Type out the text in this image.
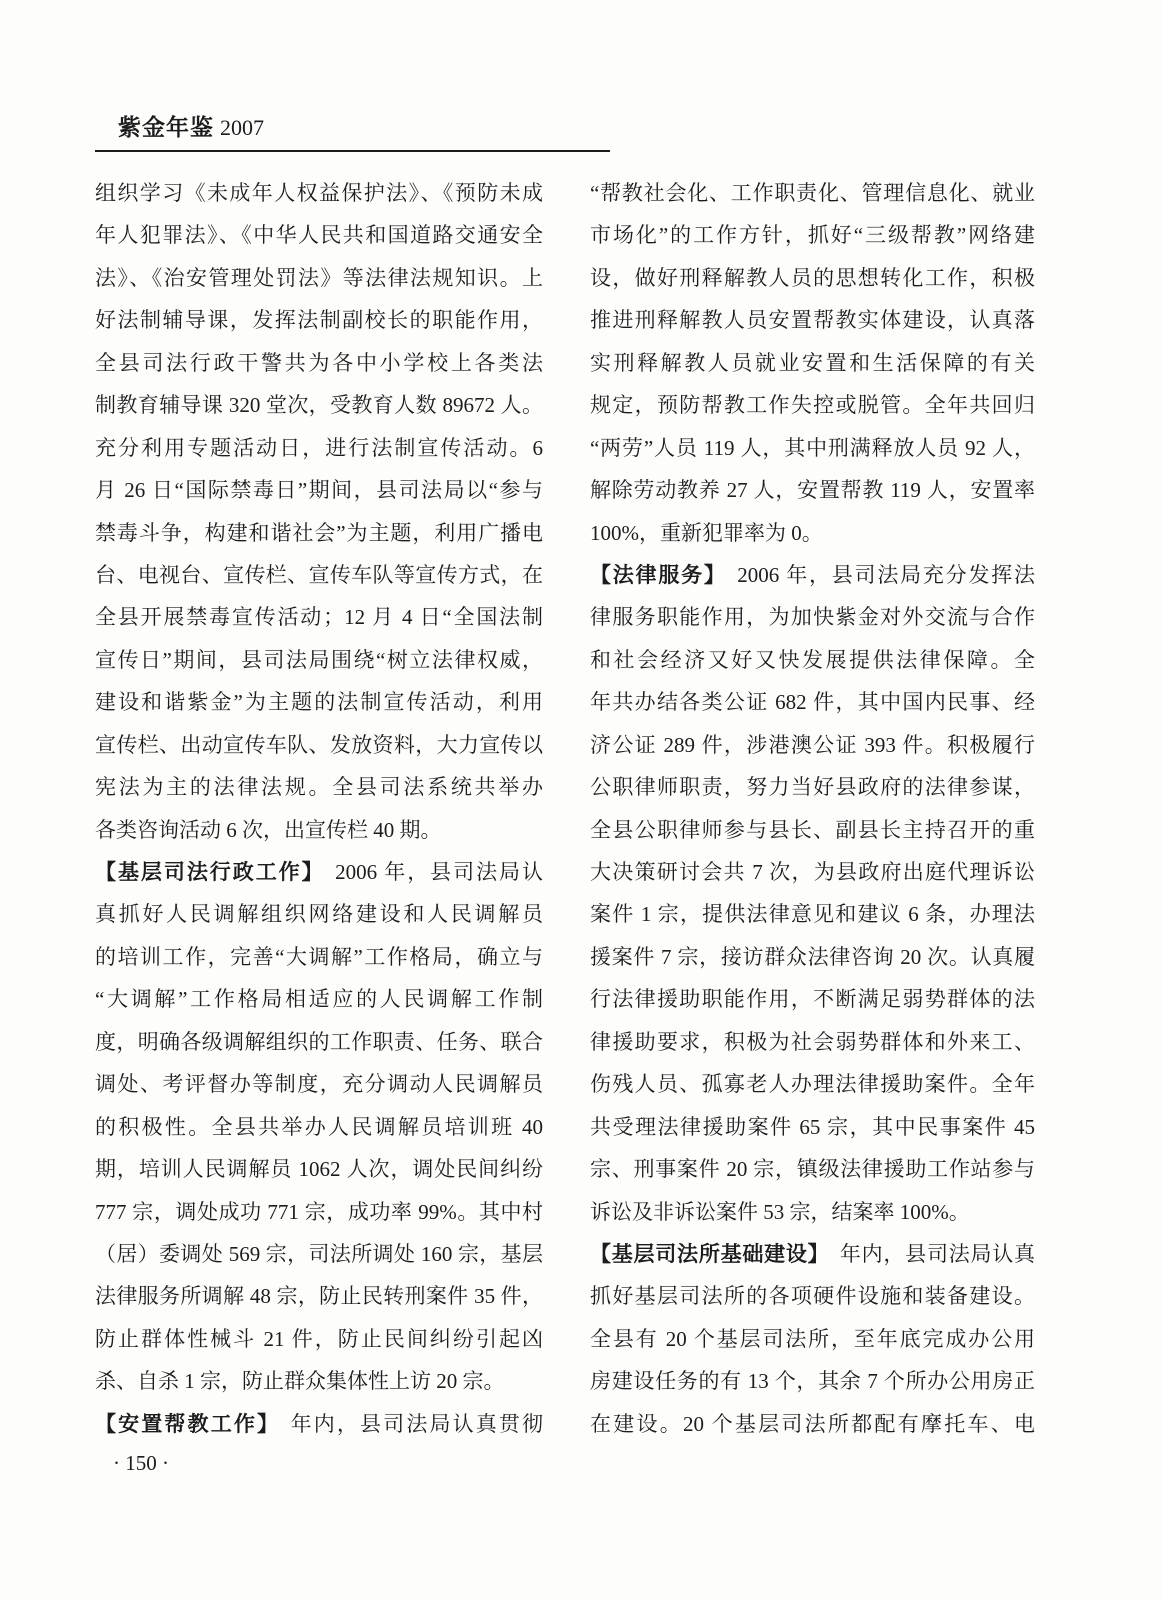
紫金年鉴 2007
组织学习《未成年人权益保护法》、《预防未成
年人犯罪法》、《中华人民共和国道路交通安全
法》、《治安管理处罚法》等法律法规知识。上
好法制辅导课，发挥法制副校长的职能作用，
全县司法行政干警共为各中小学校上各类法
制教育辅导课 320 堂次，受教育人数 89672 人。
充分利用专题活动日，进行法制宣传活动。6
月 26 日“国际禁毒日”期间，县司法局以“参与
禁毒斗争，构建和谐社会”为主题，利用广播电
台、电视台、宣传栏、宣传车队等宣传方式，在
全县开展禁毒宣传活动；12 月 4 日“全国法制
宣传日”期间，县司法局围绕“树立法律权威，
建设和谐紫金”为主题的法制宣传活动，利用
宣传栏、出动宣传车队、发放资料，大力宣传以
宪法为主的法律法规。全县司法系统共举办
各类咨询活动 6 次，出宣传栏 40 期。
【基层司法行政工作】 2006 年，县司法局认
真抓好人民调解组织网络建设和人民调解员
的培训工作，完善“大调解”工作格局，确立与
“大调解”工作格局相适应的人民调解工作制
度，明确各级调解组织的工作职责、任务、联合
调处、考评督办等制度，充分调动人民调解员
的积极性。全县共举办人民调解员培训班 40
期，培训人民调解员 1062 人次，调处民间纠纷
777 宗，调处成功 771 宗，成功率 99%。其中村
（居）委调处 569 宗，司法所调处 160 宗，基层
法律服务所调解 48 宗，防止民转刑案件 35 件，
防止群体性械斗 21 件，防止民间纠纷引起凶
杀、自杀 1 宗，防止群众集体性上访 20 宗。
【安置帮教工作】 年内，县司法局认真贯彻
“帮教社会化、工作职责化、管理信息化、就业
市场化”的工作方针，抓好“三级帮教”网络建
设，做好刑释解教人员的思想转化工作，积极
推进刑释解教人员安置帮教实体建设，认真落
实刑释解教人员就业安置和生活保障的有关
规定，预防帮教工作失控或脱管。全年共回归
“两劳”人员 119 人，其中刑满释放人员 92 人，
解除劳动教养 27 人，安置帮教 119 人，安置率
100%，重新犯罪率为 0。
【法律服务】 2006 年，县司法局充分发挥法
律服务职能作用，为加快紫金对外交流与合作
和社会经济又好又快发展提供法律保障。全
年共办结各类公证 682 件，其中国内民事、经
济公证 289 件，涉港澳公证 393 件。积极履行
公职律师职责，努力当好县政府的法律参谋，
全县公职律师参与县长、副县长主持召开的重
大决策研讨会共 7 次，为县政府出庭代理诉讼
案件 1 宗，提供法律意见和建议 6 条，办理法
援案件 7 宗，接访群众法律咨询 20 次。认真履
行法律援助职能作用，不断满足弱势群体的法
律援助要求，积极为社会弱势群体和外来工、
伤残人员、孤寡老人办理法律援助案件。全年
共受理法律援助案件 65 宗，其中民事案件 45
宗、刑事案件 20 宗，镇级法律援助工作站参与
诉讼及非诉讼案件 53 宗，结案率 100%。
【基层司法所基础建设】 年内，县司法局认真
抓好基层司法所的各项硬件设施和装备建设。
全县有 20 个基层司法所，至年底完成办公用
房建设任务的有 13 个，其余 7 个所办公用房正
在建设。20 个基层司法所都配有摩托车、电
· 150 ·
